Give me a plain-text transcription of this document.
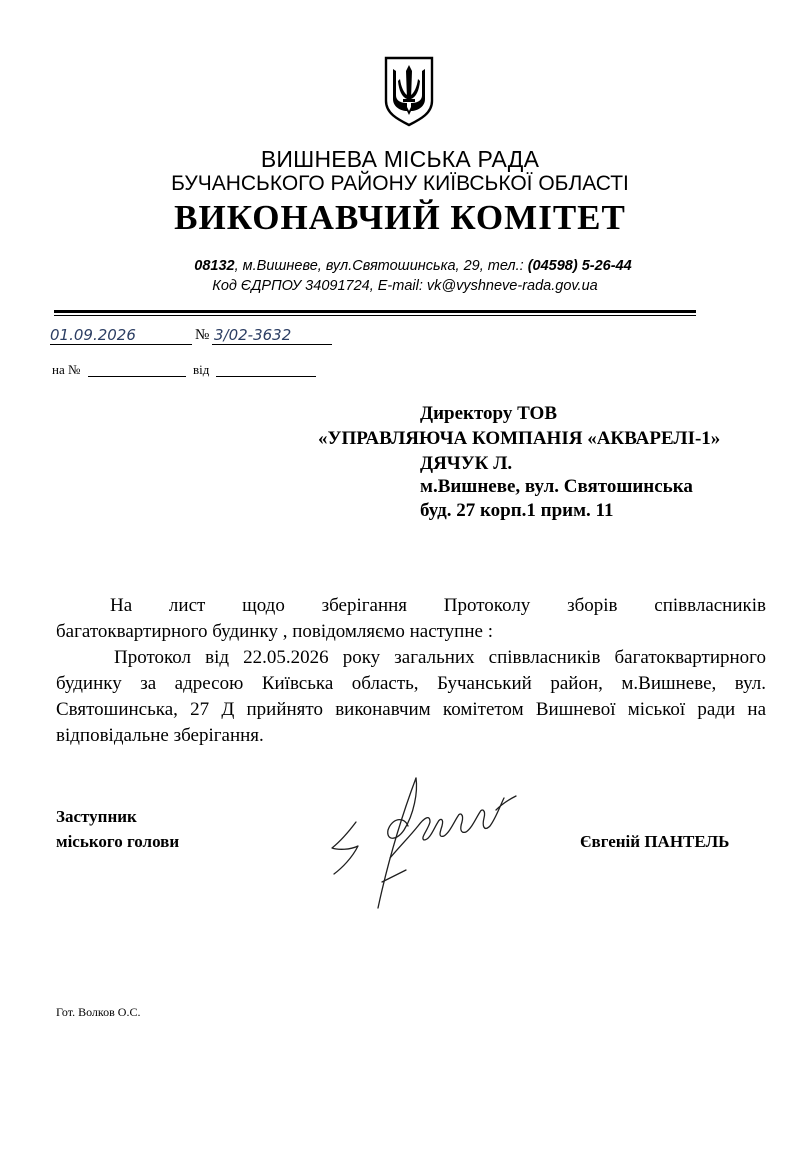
ВИШНЕВА МІСЬКА РАДА
БУЧАНСЬКОГО РАЙОНУ КИЇВСЬКОЇ ОБЛАСТІ
ВИКОНАВЧИЙ КОМІТЕТ
08132, м.Вишневе, вул.Святошинська, 29, тел.: (04598) 5-26-44
Код ЄДРПОУ 34091724, E-mail: vk@vyshneve-rada.gov.ua
01.09.2026	№ 3/02-3632
на №	від
Директору ТОВ
«УПРАВЛЯЮЧА КОМПАНІЯ «АКВАРЕЛІ-1»
ДЯЧУК Л.
м.Вишневе, вул. Святошинська
буд. 27 корп.1 прим. 11
На лист щодо зберігання Протоколу зборів співвласників багатоквартирного будинку , повідомляємо наступне :
Протокол від 22.05.2026 року загальних співвласників багатоквартирного будинку за адресою Київська область, Бучанський район, м.Вишневе, вул. Святошинська, 27 Д прийнято виконавчим комітетом Вишневої міської ради на відповідальне зберігання.
Заступник
міського голови	Євгеній ПАНТЕЛЬ
Гот. Волков О.С.
